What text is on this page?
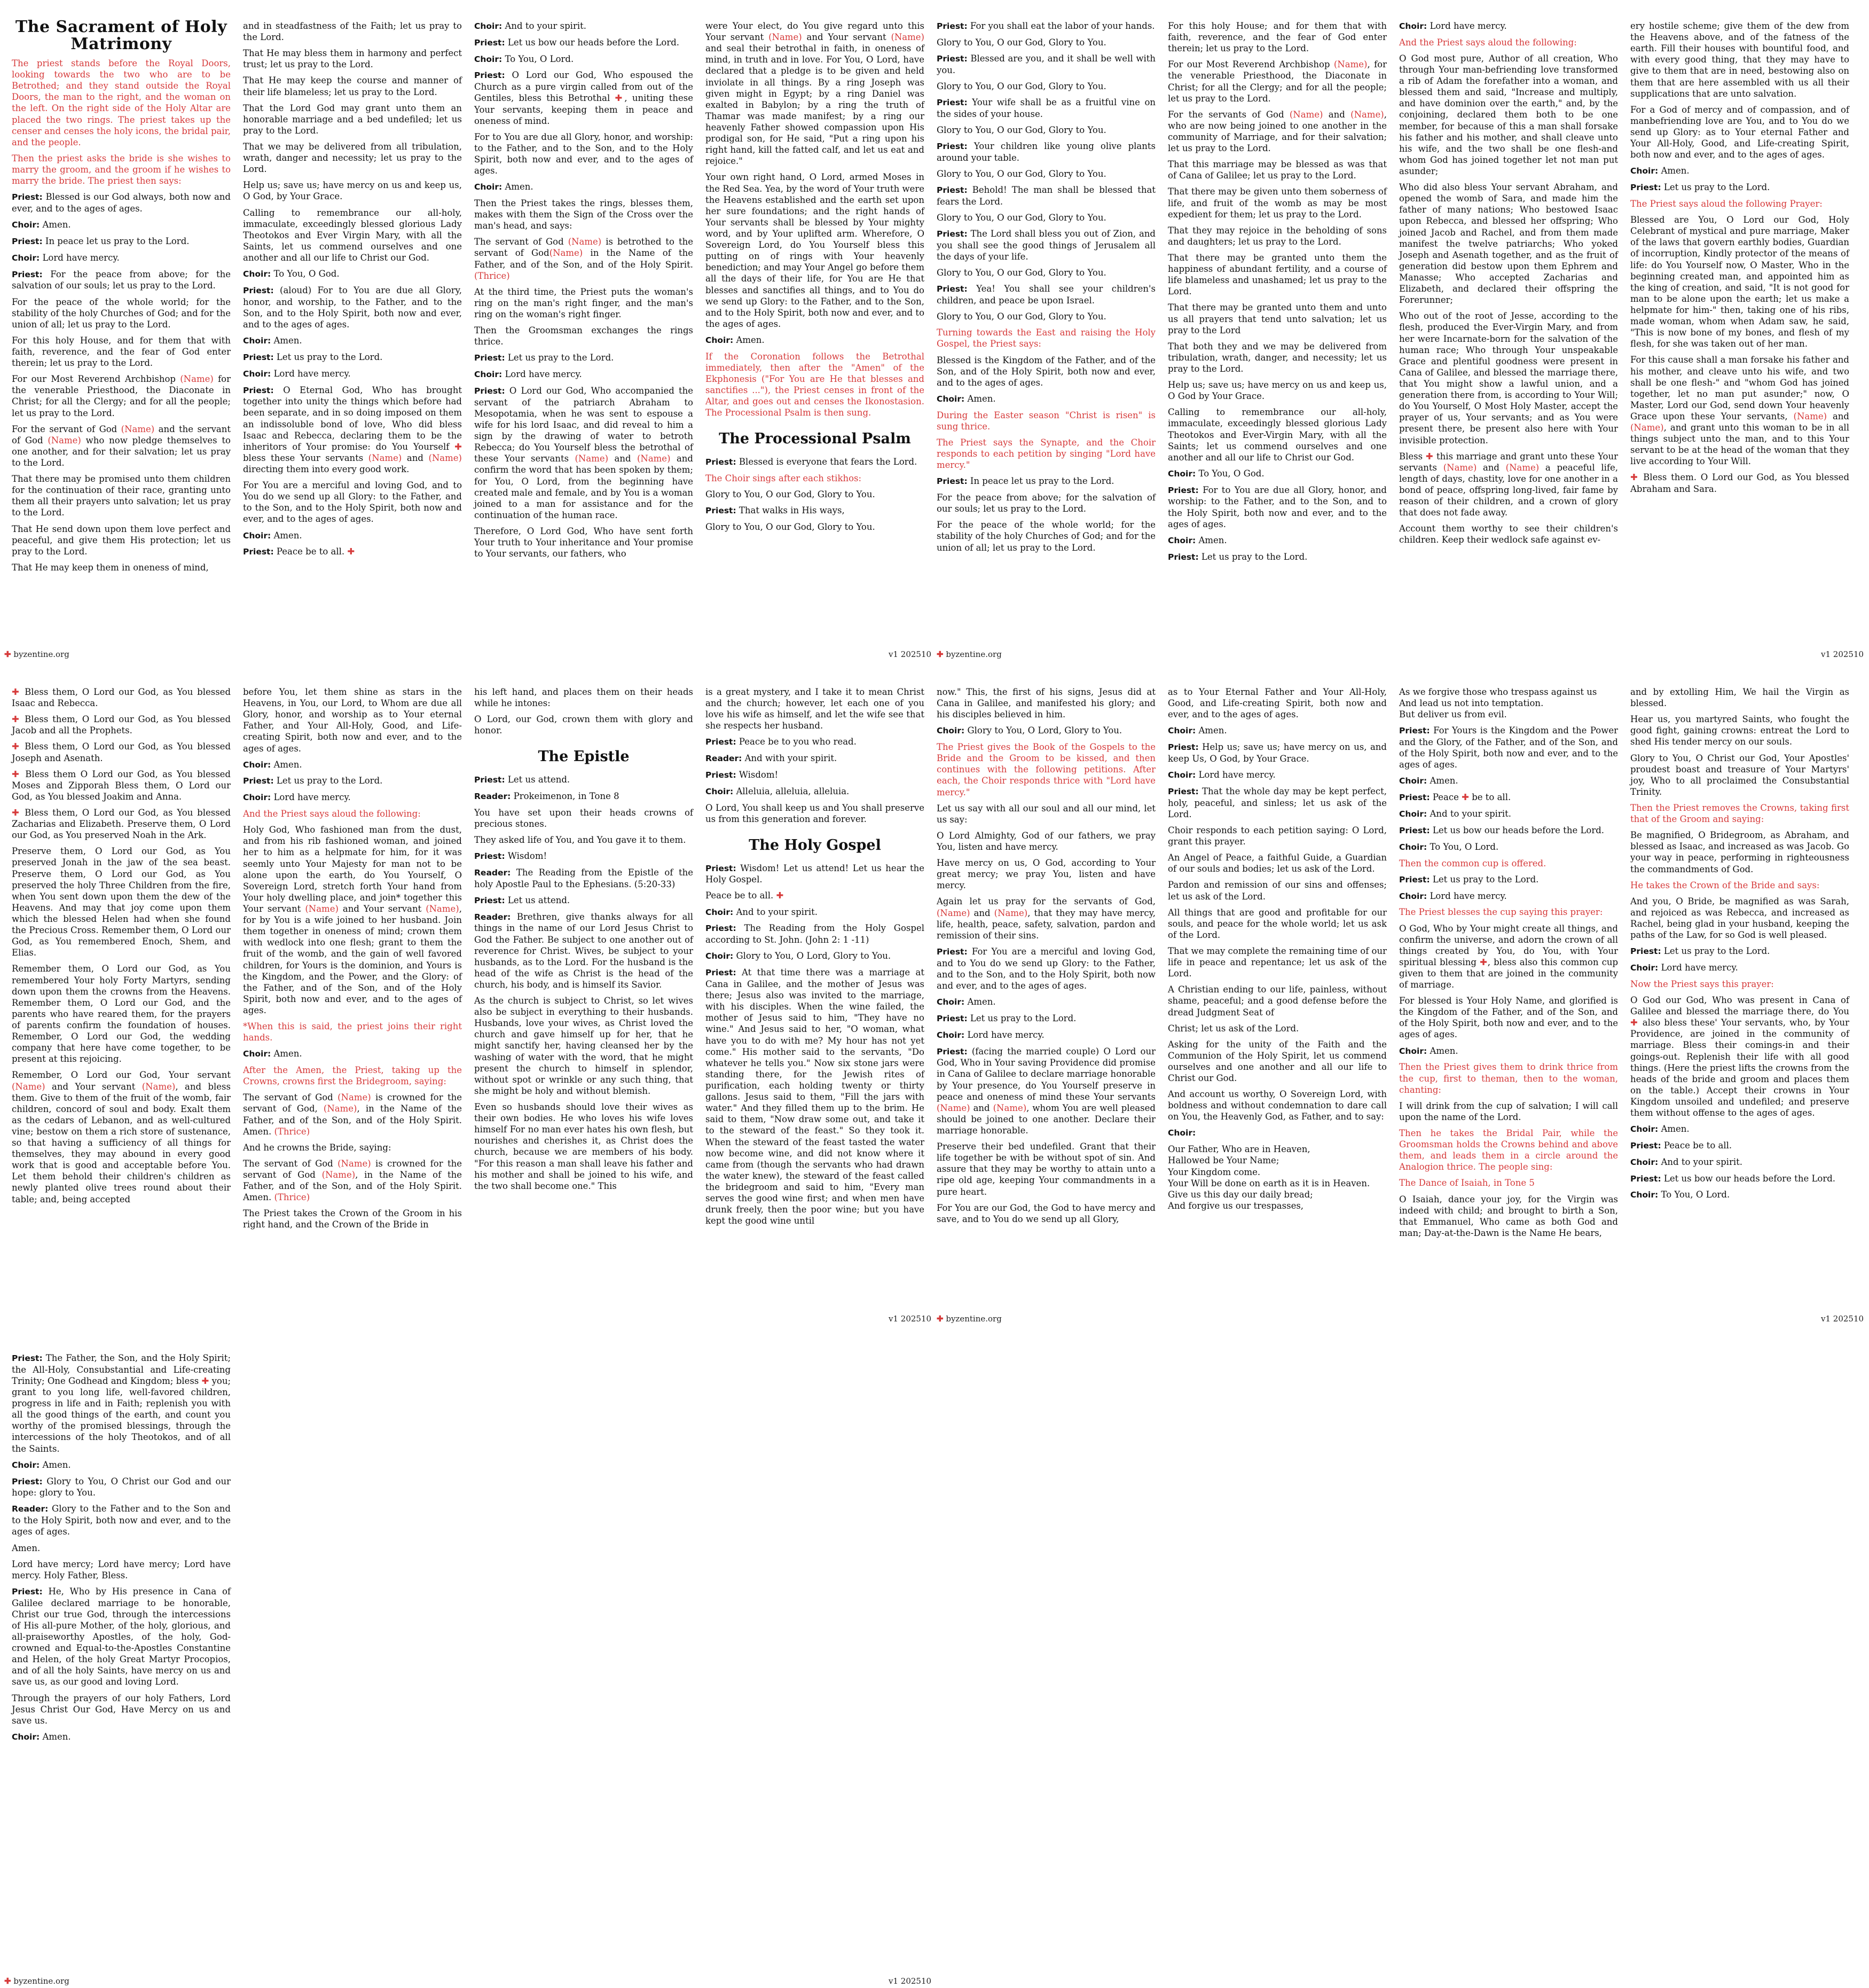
The Sacrament of Holy Matrimony

The priest stands before the Royal Doors, looking towards the two who are to be Betrothed; and they stand outside the Royal Doors, the man to the right, and the woman on the left. On the right side of the Holy Altar are placed the two rings. The priest takes up the censer and censes the holy icons, the bridal pair, and the people.

Then the priest asks the bride is she wishes to marry the groom, and the groom if he wishes to marry the bride. The priest then says:

Priest: Blessed is our God always, both now and ever, and to the ages of ages.

Choir: Amen.

Priest: In peace let us pray to the Lord.

Choir: Lord have mercy.

Priest: For the peace from above; for the salvation of our souls; let us pray to the Lord.

For the peace of the whole world; for the stability of the holy Churches of God; and for the union of all; let us pray to the Lord.

For this holy House, and for them that with faith, reverence, and the fear of God enter therein; let us pray to the Lord.

For our Most Reverend Archbishop (Name) for the venerable Priesthood, the Diaconate in Christ; for all the Clergy; and for all the people; let us pray to the Lord.

For the servant of God (Name) and the servant of God (Name) who now pledge themselves to one another, and for their salvation; let us pray to the Lord.

That there may be promised unto them children for the continuation of their race, granting unto them all their prayers unto salvation; let us pray to the Lord.

That He send down upon them love perfect and peaceful, and give them His protection; let us pray to the Lord.

That He may keep them in oneness of mind,

and in steadfastness of the Faith; let us pray to the Lord.

That He may bless them in harmony and perfect trust; let us pray to the Lord.

That He may keep the course and manner of their life blameless; let us pray to the Lord.

That the Lord God may grant unto them an honorable marriage and a bed undefiled; let us pray to the Lord.

That we may be delivered from all tribulation, wrath, danger and necessity; let us pray to the Lord.

Help us; save us; have mercy on us and keep us, O God, by Your Grace.

Calling to remembrance our all-holy, immaculate, exceedingly blessed glorious Lady Theotokos and Ever Virgin Mary, with all the Saints, let us commend ourselves and one another and all our life to Christ our God.

Choir: To You, O God.

Priest: (aloud) For to You are due all Glory, honor, and worship, to the Father, and to the Son, and to the Holy Spirit, both now and ever, and to the ages of ages.

Choir: Amen.

Priest: Let us pray to the Lord.

Choir: Lord have mercy.

Priest: O Eternal God, Who has brought together into unity the things which before had been separate, and in so doing imposed on them an indissoluble bond of love, Who did bless Isaac and Rebecca, declaring them to be the inheritors of Your promise: do You Yourself ✚ bless these Your servants (Name) and (Name) directing them into every good work.

For You are a merciful and loving God, and to You do we send up all Glory: to the Father, and to the Son, and to the Holy Spirit, both now and ever, and to the ages of ages.

Choir: Amen.

Priest: Peace be to all. ✚

Choir: And to your spirit.

Priest: Let us bow our heads before the Lord.

Choir: To You, O Lord.

Priest: O Lord our God, Who espoused the Church as a pure virgin called from out of the Gentiles, bless this Betrothal ✚, uniting these Your servants, keeping them in peace and oneness of mind.

For to You are due all Glory, honor, and worship: to the Father, and to the Son, and to the Holy Spirit, both now and ever, and to the ages of ages.

Choir: Amen.

Then the Priest takes the rings, blesses them, makes with them the Sign of the Cross over the man's head, and says:

The servant of God (Name) is betrothed to the servant of God(Name) in the Name of the Father, and of the Son, and of the Holy Spirit. (Thrice)

At the third time, the Priest puts the woman's ring on the man's right finger, and the man's ring on the woman's right finger.

Then the Groomsman exchanges the rings thrice.

Priest: Let us pray to the Lord.

Choir: Lord have mercy.

Priest: O Lord our God, Who accompanied the servant of the patriarch Abraham to Mesopotamia, when he was sent to espouse a wife for his lord Isaac, and did reveal to him a sign by the drawing of water to betroth Rebecca; do You Yourself bless the betrothal of these Your servants (Name) and (Name) and confirm the word that has been spoken by them; for You, O Lord, from the beginning have created male and female, and by You is a woman joined to a man for assistance and for the continuation of the human race.

Therefore, O Lord God, Who have sent forth Your truth to Your inheritance and Your promise to Your servants, our fathers, who

were Your elect, do You give regard unto this Your servant (Name) and Your servant (Name) and seal their betrothal in faith, in oneness of mind, in truth and in love. For You, O Lord, have declared that a pledge is to be given and held inviolate in all things. By a ring Joseph was given might in Egypt; by a ring Daniel was exalted in Babylon; by a ring the truth of Thamar was made manifest; by a ring our heavenly Father showed compassion upon His prodigal son, for He said, "Put a ring upon his right hand, kill the fatted calf, and let us eat and rejoice."

Your own right hand, O Lord, armed Moses in the Red Sea. Yea, by the word of Your truth were the Heavens established and the earth set upon her sure foundations; and the right hands of Your servants shall be blessed by Your mighty word, and by Your uplifted arm. Wherefore, O Sovereign Lord, do You Yourself bless this putting on of rings with Your heavenly benediction; and may Your Angel go before them all the days of their life, for You are He that blesses and sanctifies all things, and to You do we send up Glory: to the Father, and to the Son, and to the Holy Spirit, both now and ever, and to the ages of ages.

Choir: Amen.

If the Coronation follows the Betrothal immediately, then after the "Amen" of the Ekphonesis ("For You are He that blesses and sanctifies ..."), the Priest censes in front of the Altar, and goes out and censes the Ikonostasion. The Processional Psalm is then sung.

The Processional Psalm

Priest: Blessed is everyone that fears the Lord.

The Choir sings after each stikhos:

Glory to You, O our God, Glory to You.

Priest: That walks in His ways,

Glory to You, O our God, Glory to You.

Priest: For you shall eat the labor of your hands.

Glory to You, O our God, Glory to You.

Priest: Blessed are you, and it shall be well with you.

Glory to You, O our God, Glory to You.

Priest: Your wife shall be as a fruitful vine on the sides of your house.

Glory to You, O our God, Glory to You.

Priest: Your children like young olive plants around your table.

Glory to You, O our God, Glory to You.

Priest: Behold! The man shall be blessed that fears the Lord.

Glory to You, O our God, Glory to You.

Priest: The Lord shall bless you out of Zion, and you shall see the good things of Jerusalem all the days of your life.

Glory to You, O our God, Glory to You.

Priest: Yea! You shall see your children's children, and peace be upon Israel.

Glory to You, O our God, Glory to You.

Turning towards the East and raising the Holy Gospel, the Priest says:

Blessed is the Kingdom of the Father, and of the Son, and of the Holy Spirit, both now and ever, and to the ages of ages.

Choir: Amen.

During the Easter season "Christ is risen" is sung thrice.

The Priest says the Synapte, and the Choir responds to each petition by singing "Lord have mercy."

Priest: In peace let us pray to the Lord.

For the peace from above; for the salvation of our souls; let us pray to the Lord.

For the peace of the whole world; for the stability of the holy Churches of God; and for the union of all; let us pray to the Lord.

For this holy House; and for them that with faith, reverence, and the fear of God enter therein; let us pray to the Lord.

For our Most Reverend Archbishop (Name), for the venerable Priesthood, the Diaconate in Christ; for all the Clergy; and for all the people; let us pray to the Lord.

For the servants of God (Name) and (Name), who are now being joined to one another in the community of Marriage, and for their salvation; let us pray to the Lord.

That this marriage may be blessed as was that of Cana of Galilee; let us pray to the Lord.

That there may be given unto them soberness of life, and fruit of the womb as may be most expedient for them; let us pray to the Lord.

That they may rejoice in the beholding of sons and daughters; let us pray to the Lord.

That there may be granted unto them the happiness of abundant fertility, and a course of life blameless and unashamed; let us pray to the Lord.

That there may be granted unto them and unto us all prayers that tend unto salvation; let us pray to the Lord

That both they and we may be delivered from tribulation, wrath, danger, and necessity; let us pray to the Lord.

Help us; save us; have mercy on us and keep us, O God by Your Grace.

Calling to remembrance our all-holy, immaculate, exceedingly blessed glorious Lady Theotokos and Ever-Virgin Mary, with all the Saints; let us commend ourselves and one another and all our life to Christ our God.

Choir: To You, O God.

Priest: For to You are due all Glory, honor, and worship: to the Father, and to the Son, and to the Holy Spirit, both now and ever, and to the ages of ages.

Choir: Amen.

Priest: Let us pray to the Lord.

Choir: Lord have mercy.

And the Priest says aloud the following:

O God most pure, Author of all creation, Who through Your man-befriending love transformed a rib of Adam the forefather into a woman, and blessed them and said, "Increase and multiply, and have dominion over the earth," and, by the conjoining, declared them both to be one member, for because of this a man shall forsake his father and his mother, and shall cleave unto his wife, and the two shall be one flesh-and whom God has joined together let not man put asunder;

Who did also bless Your servant Abraham, and opened the womb of Sara, and made him the father of many nations; Who bestowed Isaac upon Rebecca, and blessed her offspring; Who joined Jacob and Rachel, and from them made manifest the twelve patriarchs; Who yoked Joseph and Asenath together, and as the fruit of generation did bestow upon them Ephrem and Manasse; Who accepted Zacharias and Elizabeth, and declared their offspring the Forerunner;

Who out of the root of Jesse, according to the flesh, produced the Ever-Virgin Mary, and from her were Incarnate-born for the salvation of the human race; Who through Your unspeakable Grace and plentiful goodness were present in Cana of Galilee, and blessed the marriage there, that You might show a lawful union, and a generation there from, is according to Your Will; do You Yourself, O Most Holy Master, accept the prayer of us, Your servants; and as You were present there, be present also here with Your invisible protection.

Bless ✚ this marriage and grant unto these Your servants (Name) and (Name) a peaceful life, length of days, chastity, love for one another in a bond of peace, offspring long-lived, fair fame by reason of their children, and a crown of glory that does not fade away.

Account them worthy to see their children's children. Keep their wedlock safe against ev-

ery hostile scheme; give them of the dew from the Heavens above, and of the fatness of the earth. Fill their houses with bountiful food, and with every good thing, that they may have to give to them that are in need, bestowing also on them that are here assembled with us all their supplications that are unto salvation.

For a God of mercy and of compassion, and of manbefriending love are You, and to You do we send up Glory: as to Your eternal Father and Your All-Holy, Good, and Life-creating Spirit, both now and ever, and to the ages of ages.

Choir: Amen.

Priest: Let us pray to the Lord.

The Priest says aloud the following Prayer:

Blessed are You, O Lord our God, Holy Celebrant of mystical and pure marriage, Maker of the laws that govern earthly bodies, Guardian of incorruption, Kindly protector of the means of life: do You Yourself now, O Master, Who in the beginning created man, and appointed him as the king of creation, and said, "It is not good for man to be alone upon the earth; let us make a helpmate for him-" then, taking one of his ribs, made woman, whom when Adam saw, he said, "This is now bone of my bones, and flesh of my flesh, for she was taken out of her man.

For this cause shall a man forsake his father and his mother, and cleave unto his wife, and two shall be one flesh-" and "whom God has joined together, let no man put asunder;" now, O Master, Lord our God, send down Your heavenly Grace upon these Your servants, (Name) and (Name), and grant unto this woman to be in all things subject unto the man, and to this Your servant to be at the head of the woman that they live according to Your Will.

✚ Bless them. O Lord our God, as You blessed Abraham and Sara.

✚ byzentine.org	v1 202510 ✚ byzentine.org	v1 202510

✚ Bless them, O Lord our God, as You blessed Isaac and Rebecca.

✚ Bless them, O Lord our God, as You blessed Jacob and all the Prophets.

✚ Bless them, O Lord our God, as You blessed Joseph and Asenath.

✚ Bless them O Lord our God, as You blessed Moses and Zipporah Bless them, O Lord our God, as You blessed Joakim and Anna.

✚ Bless them, O Lord our God, as You blessed Zacharias and Elizabeth. Preserve them, O Lord our God, as You preserved Noah in the Ark.

Preserve them, O Lord our God, as You preserved Jonah in the jaw of the sea beast. Preserve them, O Lord our God, as You preserved the holy Three Children from the fire, when You sent down upon them the dew of the Heavens. And may that joy come upon them which the blessed Helen had when she found the Precious Cross. Remember them, O Lord our God, as You remembered Enoch, Shem, and Elias.

Remember them, O Lord our God, as You remembered Your holy Forty Martyrs, sending down upon them the crowns from the Heavens. Remember them, O Lord our God, and the parents who have reared them, for the prayers of parents confirm the foundation of houses. Remember, O Lord our God, the wedding company that here have come together, to be present at this rejoicing.

Remember, O Lord our God, Your servant (Name) and Your servant (Name), and bless them. Give to them of the fruit of the womb, fair children, concord of soul and body. Exalt them as the cedars of Lebanon, and as well-cultured vine; bestow on them a rich store of sustenance, so that having a sufficiency of all things for themselves, they may abound in every good work that is good and acceptable before You. Let them behold their children's children as newly planted olive trees round about their table; and, being accepted

before You, let them shine as stars in the Heavens, in You, our Lord, to Whom are due all Glory, honor, and worship as to Your eternal Father, and Your All-Holy, Good, and Life-creating Spirit, both now and ever, and to the ages of ages.

Choir: Amen.

Priest: Let us pray to the Lord.

Choir: Lord have mercy.

And the Priest says aloud the following:

Holy God, Who fashioned man from the dust, and from his rib fashioned woman, and joined her to him as a helpmate for him, for it was seemly unto Your Majesty for man not to be alone upon the earth, do You Yourself, O Sovereign Lord, stretch forth Your hand from Your holy dwelling place, and join* together this Your servant (Name) and Your servant (Name), for by You is a wife joined to her husband. Join them together in oneness of mind; crown them with wedlock into one flesh; grant to them the fruit of the womb, and the gain of well favored children, for Yours is the dominion, and Yours is the Kingdom, and the Power, and the Glory: of the Father, and of the Son, and of the Holy Spirit, both now and ever, and to the ages of ages.

*When this is said, the priest joins their right hands.

Choir: Amen.

After the Amen, the Priest, taking up the Crowns, crowns first the Bridegroom, saying:

The servant of God (Name) is crowned for the servant of God, (Name), in the Name of the Father, and of the Son, and of the Holy Spirit. Amen. (Thrice)

And he crowns the Bride, saying:

The servant of God (Name) is crowned for the servant of God (Name), in the Name of the Father, and of the Son, and of the Holy Spirit. Amen. (Thrice)

The Priest takes the Crown of the Groom in his right hand, and the Crown of the Bride in

his left hand, and places them on their heads while he intones:

O Lord, our God, crown them with glory and honor.

The Epistle

Priest: Let us attend.

Reader: Prokeimenon, in Tone 8

You have set upon their heads crowns of precious stones.

They asked life of You, and You gave it to them.

Priest: Wisdom!

Reader: The Reading from the Epistle of the holy Apostle Paul to the Ephesians. (5:20-33)

Priest: Let us attend.

Reader: Brethren, give thanks always for all things in the name of our Lord Jesus Christ to God the Father. Be subject to one another out of reverence for Christ. Wives, be subject to your husbands, as to the Lord. For the husband is the head of the wife as Christ is the head of the church, his body, and is himself its Savior.

As the church is subject to Christ, so let wives also be subject in everything to their husbands. Husbands, love your wives, as Christ loved the church and gave himself up for her, that he might sanctify her, having cleansed her by the washing of water with the word, that he might present the church to himself in splendor, without spot or wrinkle or any such thing, that she might be holy and without blemish.

Even so husbands should love their wives as their own bodies. He who loves his wife loves himself For no man ever hates his own flesh, but nourishes and cherishes it, as Christ does the church, because we are members of his body. "For this reason a man shall leave his father and his mother and shall be joined to his wife, and the two shall become one." This

is a great mystery, and I take it to mean Christ and the church; however, let each one of you love his wife as himself, and let the wife see that she respects her husband.

Priest: Peace be to you who read.

Reader: And with your spirit.

Priest: Wisdom!

Choir: Alleluia, alleluia, alleluia.

O Lord, You shall keep us and You shall preserve us from this generation and forever.

The Holy Gospel

Priest: Wisdom! Let us attend! Let us hear the Holy Gospel.

Peace be to all. ✚

Choir: And to your spirit.

Priest: The Reading from the Holy Gospel according to St. John. (John 2: 1 -11)

Choir: Glory to You, O Lord, Glory to You.

Priest: At that time there was a marriage at Cana in Galilee, and the mother of Jesus was there; Jesus also was invited to the marriage, with his disciples. When the wine failed, the mother of Jesus said to him, "They have no wine." And Jesus said to her, "O woman, what have you to do with me? My hour has not yet come." His mother said to the servants, "Do whatever he tells you." Now six stone jars were standing there, for the Jewish rites of purification, each holding twenty or thirty gallons. Jesus said to them, "Fill the jars with water." And they filled them up to the brim. He said to them, "Now draw some out, and take it to the steward of the feast." So they took it. When the steward of the feast tasted the water now become wine, and did not know where it came from (though the servants who had drawn the water knew), the steward of the feast called the bridegroom and said to him, "Every man serves the good wine first; and when men have drunk freely, then the poor wine; but you have kept the good wine until

now." This, the first of his signs, Jesus did at Cana in Galilee, and manifested his glory; and his disciples believed in him.

Choir: Glory to You, O Lord, Glory to You.

The Priest gives the Book of the Gospels to the Bride and the Groom to be kissed, and then continues with the following petitions. After each, the Choir responds thrice with "Lord have mercy."

Let us say with all our soul and all our mind, let us say:

O Lord Almighty, God of our fathers, we pray You, listen and have mercy.

Have mercy on us, O God, according to Your great mercy; we pray You, listen and have mercy.

Again let us pray for the servants of God, (Name) and (Name), that they may have mercy, life, health, peace, safety, salvation, pardon and remission of their sins.

Priest: For You are a merciful and loving God, and to You do we send up Glory: to the Father, and to the Son, and to the Holy Spirit, both now and ever, and to the ages of ages.

Choir: Amen.

Priest: Let us pray to the Lord.

Choir: Lord have mercy.

Priest: (facing the married couple) O Lord our God, Who in Your saving Providence did promise in Cana of Galilee to declare marriage honorable by Your presence, do You Yourself preserve in peace and oneness of mind these Your servants (Name) and (Name), whom You are well pleased should be joined to one another. Declare their marriage honorable.

Preserve their bed undefiled. Grant that their life together be with be without spot of sin. And assure that they may be worthy to attain unto a ripe old age, keeping Your commandments in a pure heart.

For You are our God, the God to have mercy and save, and to You do we send up all Glory,

as to Your Eternal Father and Your All-Holy, Good, and Life-creating Spirit, both now and ever, and to the ages of ages.

Choir: Amen.

Priest: Help us; save us; have mercy on us, and keep Us, O God, by Your Grace.

Choir: Lord have mercy.

Priest: That the whole day may be kept perfect, holy, peaceful, and sinless; let us ask of the Lord.

Choir responds to each petition saying: O Lord, grant this prayer.

An Angel of Peace, a faithful Guide, a Guardian of our souls and bodies; let us ask of the Lord.

Pardon and remission of our sins and offenses; let us ask of the Lord.

All things that are good and profitable for our souls, and peace for the whole world; let us ask of the Lord.

That we may complete the remaining time of our life in peace and repentance; let us ask of the Lord.

A Christian ending to our life, painless, without shame, peaceful; and a good defense before the dread Judgment Seat of

Christ; let us ask of the Lord.

Asking for the unity of the Faith and the Communion of the Holy Spirit, let us commend ourselves and one another and all our life to Christ our God.

And account us worthy, O Sovereign Lord, with boldness and without condemnation to dare call on You, the Heavenly God, as Father, and to say:

Choir:

Our Father, Who are in Heaven,
Hallowed be Your Name;
Your Kingdom come.
Your Will be done on earth as it is in Heaven.
Give us this day our daily bread;
And forgive us our trespasses,
As we forgive those who trespass against us
And lead us not into temptation.
But deliver us from evil.

Priest: For Yours is the Kingdom and the Power and the Glory, of the Father, and of the Son, and of the Holy Spirit, both now and ever, and to the ages of ages.

Choir: Amen.

Priest: Peace ✚ be to all.

Choir: And to your spirit.

Priest: Let us bow our heads before the Lord.

Choir: To You, O Lord.

Then the common cup is offered.

Priest: Let us pray to the Lord.

Choir: Lord have mercy.

The Priest blesses the cup saying this prayer:

O God, Who by Your might create all things, and confirm the universe, and adorn the crown of all things created by You, do You, with Your spiritual blessing ✚, bless also this common cup given to them that are joined in the community of marriage.

For blessed is Your Holy Name, and glorified is the Kingdom of the Father, and of the Son, and of the Holy Spirit, both now and ever, and to the ages of ages.

Choir: Amen.

Then the Priest gives them to drink thrice from the cup, first to theman, then to the woman, chanting:

I will drink from the cup of salvation; I will call upon the name of the Lord.

Then he takes the Bridal Pair, while the Groomsman holds the Crowns behind and above them, and leads them in a circle around the Analogion thrice. The people sing:

The Dance of Isaiah, in Tone 5

O Isaiah, dance your joy, for the Virgin was indeed with child; and brought to birth a Son, that Emmanuel, Who came as both God and man; Day-at-the-Dawn is the Name He bears,

and by extolling Him, We hail the Virgin as blessed.

Hear us, you martyred Saints, who fought the good fight, gaining crowns: entreat the Lord to shed His tender mercy on our souls.

Glory to You, O Christ our God, Your Apostles' proudest boast and treasure of Your Martyrs' joy, Who to all proclaimed the Consubstantial Trinity.

Then the Priest removes the Crowns, taking first that of the Groom and saying:

Be magnified, O Bridegroom, as Abraham, and blessed as Isaac, and increased as was Jacob. Go your way in peace, performing in righteousness the commandments of God.

He takes the Crown of the Bride and says:

And you, O Bride, be magnified as was Sarah, and rejoiced as was Rebecca, and increased as Rachel, being glad in your husband, keeping the paths of the Law, for so God is well pleased.

Priest: Let us pray to the Lord.

Choir: Lord have mercy.

Now the Priest says this prayer:

O God our God, Who was present in Cana of Galilee and blessed the marriage there, do You ✚ also bless these' Your servants, who, by Your Providence, are joined in the community of marriage. Bless their comings-in and their goings-out. Replenish their life with all good things. (Here the priest lifts the crowns from the heads of the bride and groom and places them on the table.) Accept their crowns in Your Kingdom unsoiled and undefiled; and preserve them without offense to the ages of ages.

Choir: Amen.

Priest: Peace be to all.

Choir: And to your spirit.

Priest: Let us bow our heads before the Lord.

Choir: To You, O Lord.

v1 202510 ✚ byzentine.org	v1 202510

Priest: The Father, the Son, and the Holy Spirit; the All-Holy, Consubstantial and Life-creating Trinity; One Godhead and Kingdom; bless ✚ you; grant to you long life, well-favored children, progress in life and in Faith; replenish you with all the good things of the earth, and count you worthy of the promised blessings, through the intercessions of the holy Theotokos, and of all the Saints.

Choir: Amen.

Priest: Glory to You, O Christ our God and our hope: glory to You.

Reader: Glory to the Father and to the Son and to the Holy Spirit, both now and ever, and to the ages of ages.

Amen.

Lord have mercy; Lord have mercy; Lord have mercy. Holy Father, Bless.

Priest: He, Who by His presence in Cana of Galilee declared marriage to be honorable, Christ our true God, through the intercessions of His all-pure Mother, of the holy, glorious, and all-praiseworthy Apostles, of the holy, God-crowned and Equal-to-the-Apostles Constantine and Helen, of the holy Great Martyr Procopios, and of all the holy Saints, have mercy on us and save us, as our good and loving Lord.

Through the prayers of our holy Fathers, Lord Jesus Christ Our God, Have Mercy on us and save us.

Choir: Amen.

✚ byzentine.org	v1 202510
